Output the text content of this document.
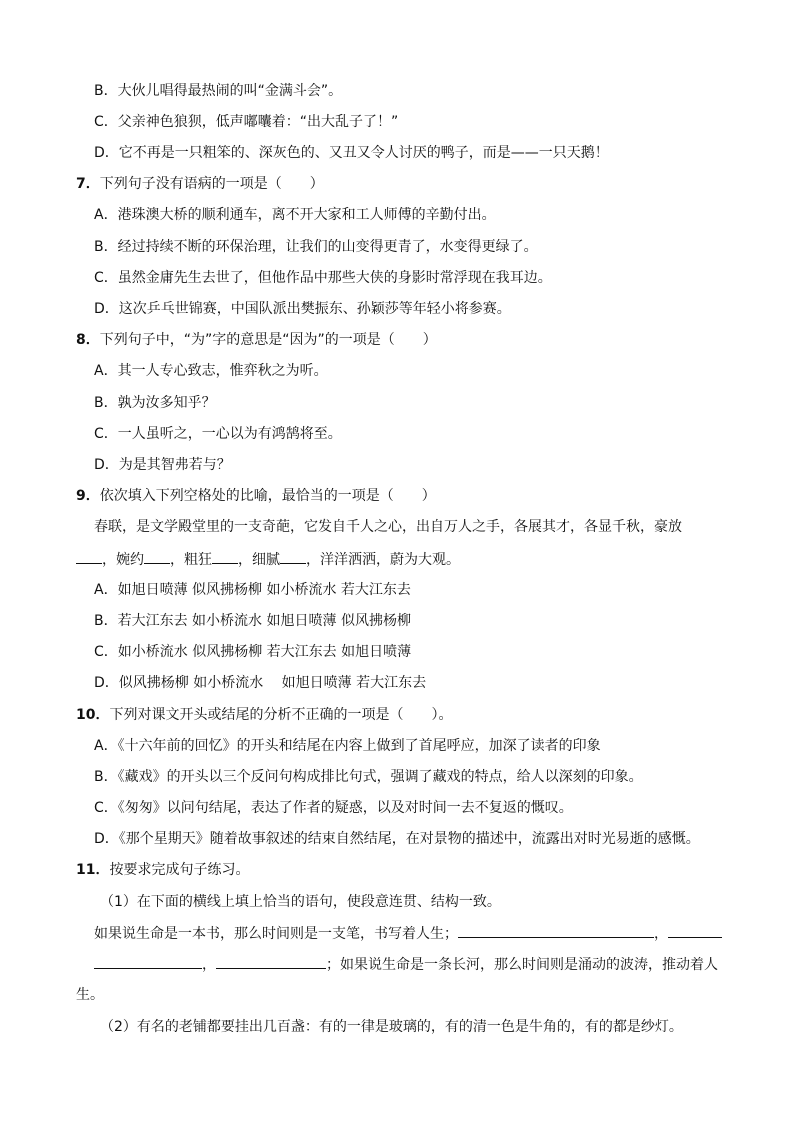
B．大伙儿唱得最热闹的叫“金满斗会”。
C．父亲神色狼狈，低声嘟囔着：“出大乱子了！”
D．它不再是一只粗笨的、深灰色的、又丑又令人讨厌的鸭子，而是——一只天鹅！
7．下列句子没有语病的一项是（　　）
A．港珠澳大桥的顺利通车，离不开大家和工人师傅的辛勤付出。
B．经过持续不断的环保治理，让我们的山变得更青了，水变得更绿了。
C．虽然金庸先生去世了，但他作品中那些大侠的身影时常浮现在我耳边。
D．这次乒乓世锦赛，中国队派出樊振东、孙颖莎等年轻小将参赛。
8．下列句子中，“为”字的意思是“因为”的一项是（　　）
A．其一人专心致志，惟弈秋之为听。
B．孰为汝多知乎？
C．一人虽听之，一心以为有鸿鹄将至。
D．为是其智弗若与？
9．依次填入下列空格处的比喻，最恰当的一项是（　　）
春联，是文学殿堂里的一支奇葩，它发自千人之心，出自万人之手，各展其才，各显千秋，豪放
，婉约 ，粗狂 ，细腻 ，洋洋洒洒，蔚为大观。
A．如旭日喷薄 似风拂杨柳 如小桥流水 若大江东去
B．若大江东去 如小桥流水 如旭日喷薄 似风拂杨柳
C．如小桥流水 似风拂杨柳 若大江东去 如旭日喷薄
D．似风拂杨柳 如小桥流水　 如旭日喷薄 若大江东去
10．下列对课文开头或结尾的分析不正确的一项是（　　）。
A．《十六年前的回忆》的开头和结尾在内容上做到了首尾呼应，加深了读者的印象
B．《藏戏》的开头以三个反问句构成排比句式，强调了藏戏的特点，给人以深刻的印象。
C．《匆匆》以问句结尾，表达了作者的疑惑，以及对时间一去不复返的慨叹。
D．《那个星期天》随着故事叙述的结束自然结尾，在对景物的描述中，流露出对时光易逝的感慨。
11．按要求完成句子练习。
（1）在下面的横线上填上恰当的语句，使段意连贯、结构一致。
如果说生命是一本书，那么时间则是一支笔，书写着人生；	，
，	；如果说生命是一条长河，那么时间则是涌动的波涛，推动着人
生。
（2）有名的老铺都要挂出几百盏：有的一律是玻璃的，有的清一色是牛角的，有的都是纱灯。
